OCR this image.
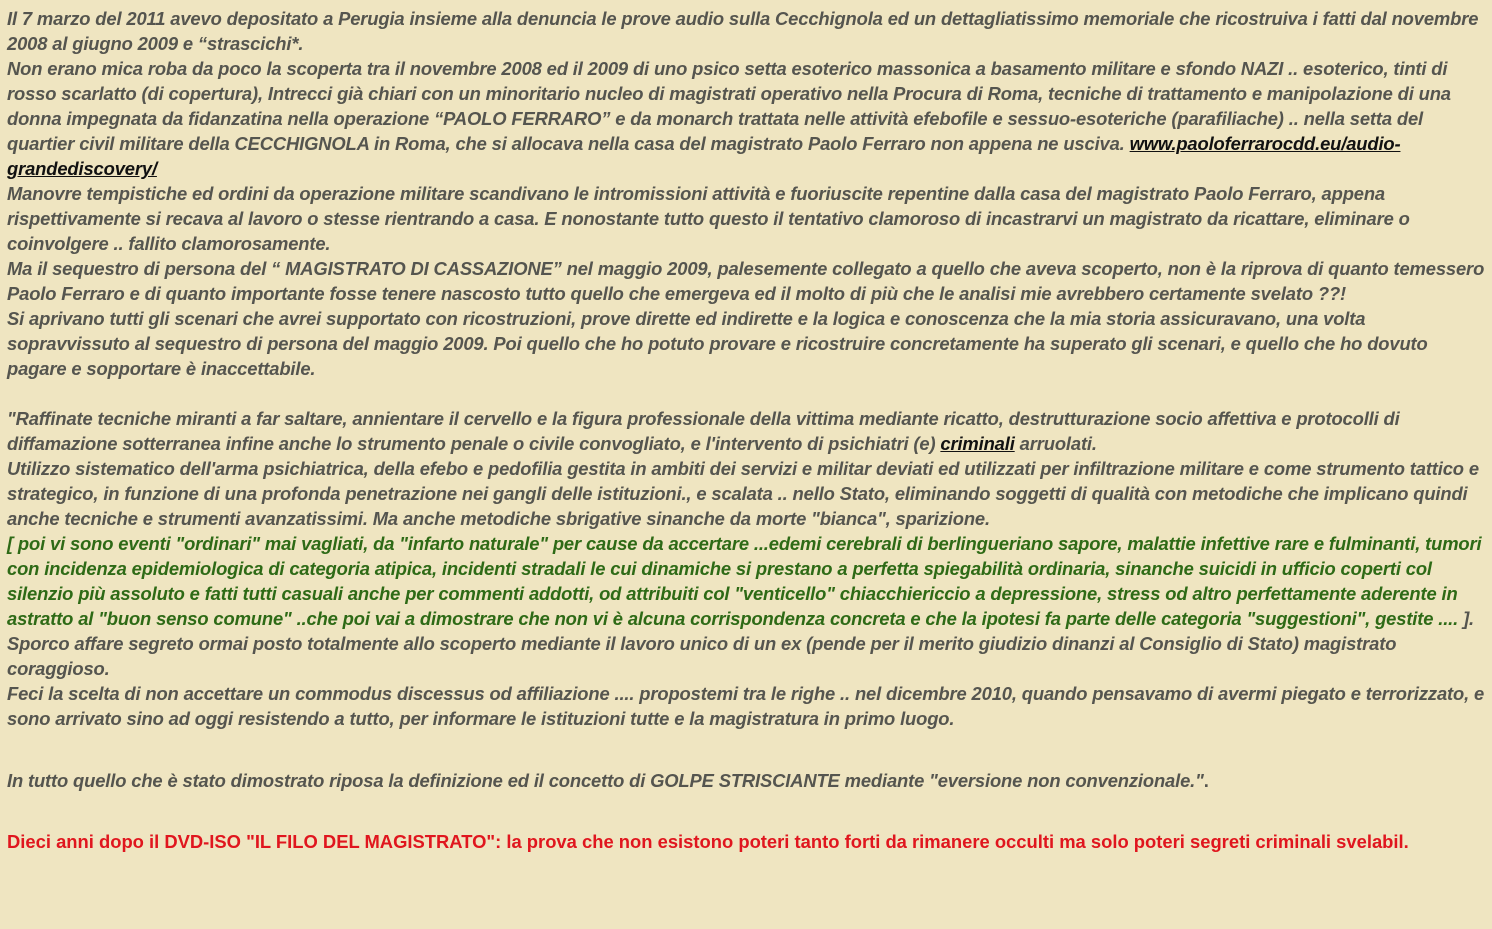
Il 7 marzo del 2011 avevo depositato a Perugia insieme alla denuncia le prove audio sulla Cecchignola ed un dettagliatissimo memoriale che ricostruiva i fatti dal novembre 2008 al giugno 2009 e “strascichi*.

Non erano mica roba da poco la scoperta tra il novembre 2008 ed il 2009 di uno psico setta esoterico massonica a basamento militare e sfondo NAZI .. esoterico, tinti di rosso scarlatto (di copertura), Intrecci già chiari con un minoritario nucleo di magistrati operativo nella Procura di Roma, tecniche di trattamento e manipolazione di una donna impegnata da fidanzatina nella operazione “PAOLO FERRARO” e da monarch trattata nelle attività efebofile e sessuo-esoteriche (parafiliache) .. nella setta del quartier civil militare della CECCHIGNOLA in Roma, che si allocava nella casa del magistrato Paolo Ferraro non appena ne usciva. www.paoloferrarocdd.eu/audio-grandediscovery/

Manovre tempistiche ed ordini da operazione militare scandivano le intromissioni attività e fuoriuscite repentine dalla casa del magistrato Paolo Ferraro, appena rispettivamente si recava al lavoro o stesse rientrando a casa. E nonostante tutto questo il tentativo clamoroso di incastrarvi un magistrato da ricattare, eliminare o coinvolgere .. fallito clamorosamente.

Ma il sequestro di persona del “ MAGISTRATO DI CASSAZIONE” nel maggio 2009, palesemente collegato a quello che aveva scoperto, non è la riprova di quanto temessero Paolo Ferraro e di quanto importante fosse tenere nascosto tutto quello che emergeva ed il molto di più che le analisi mie avrebbero certamente svelato ??!

Si aprivano tutti gli scenari che avrei supportato con ricostruzioni, prove dirette ed indirette e la logica e conoscenza che la mia storia assicuravano, una volta sopravvissuto al sequestro di persona del maggio 2009. Poi quello che ho potuto provare e ricostruire concretamente ha superato gli scenari, e quello che ho dovuto pagare e sopportare è inaccettabile.

"Raffinate tecniche miranti a far saltare, annientare il cervello e la figura professionale della vittima mediante ricatto, destrutturazione socio affettiva e protocolli di diffamazione sotterranea infine anche lo strumento penale o civile convogliato, e l'intervento di psichiatri (e) criminali arruolati.

Utilizzo sistematico dell'arma psichiatrica, della efebo e pedofilia gestita in ambiti dei servizi e militar deviati ed utilizzati per infiltrazione militare e come strumento tattico e strategico, in funzione di una profonda penetrazione nei gangli delle istituzioni., e scalata .. nello Stato, eliminando soggetti di qualità con metodiche che implicano quindi anche tecniche e strumenti avanzatissimi. Ma anche metodiche sbrigative sinanche da morte "bianca", sparizione.

[ poi vi sono eventi "ordinari" mai vagliati, da "infarto naturale" per cause da accertare ...edemi cerebrali di berlingueriano sapore, malattie infettive rare e fulminanti, tumori con incidenza epidemiologica di categoria atipica, incidenti stradali le cui dinamiche si prestano a perfetta spiegabilità ordinaria, sinanche suicidi in ufficio coperti col silenzio più assoluto e fatti tutti casuali anche per commenti addotti, od attribuiti col "venticello" chiacchiericcio a depressione, stress od altro perfettamente aderente in astratto al "buon senso comune" ..che poi vai a dimostrare che non vi è alcuna corrispondenza concreta e che la ipotesi fa parte delle categoria "suggestioni", gestite .... ].

Sporco affare segreto ormai posto totalmente allo scoperto mediante il lavoro unico di un ex (pende per il merito giudizio dinanzi al Consiglio di Stato) magistrato coraggioso.

Feci la scelta di non accettare un commodus discessus od affiliazione .... propostemi tra le righe .. nel dicembre 2010, quando pensavamo di avermi piegato e terrorizzato, e sono arrivato sino ad oggi resistendo a tutto, per informare le istituzioni tutte e la magistratura in primo luogo.

In tutto quello che è stato dimostrato riposa la definizione ed il concetto di GOLPE STRISCIANTE mediante "eversione non convenzionale.".

Dieci anni dopo il DVD-ISO "IL FILO DEL MAGISTRATO": la prova che non esistono poteri tanto forti da rimanere occulti ma solo poteri segreti criminali svelabil.
